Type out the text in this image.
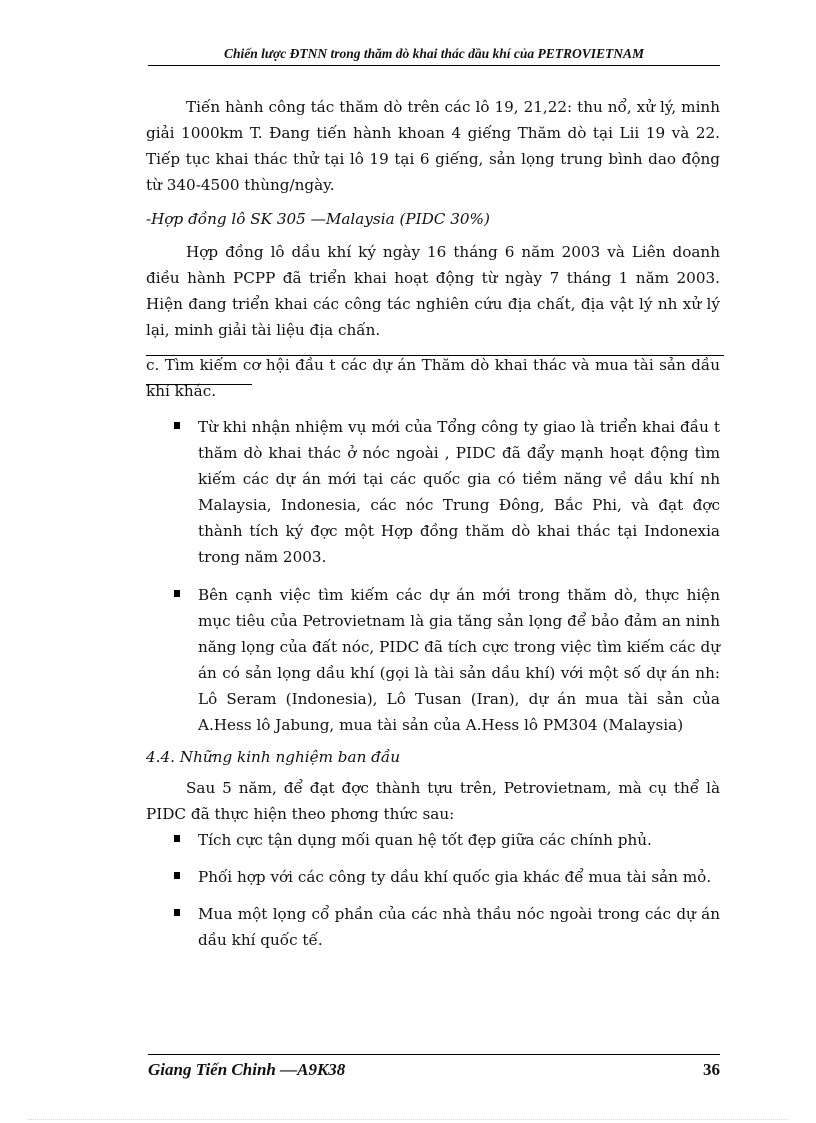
Chiến lược ĐTNN trong thăm dò khai thác dầu khí của PETROVIETNAM

Tiến hành công tác thăm dò trên các lô 19, 21,22: thu nổ, xử lý, minh giải 1000km T. Đang tiến hành khoan 4 giếng Thăm dò tại Lii 19 và 22. Tiếp tục khai thác thử tại lô 19 tại 6 giếng, sản lọng trung bình dao động từ 340-4500 thùng/ngày.

-Hợp đồng lô SK 305 —Malaysia (PIDC 30%)

Hợp đồng lô dầu khí ký ngày 16 tháng 6 năm 2003 và Liên doanh điều hành PCPP đã triển khai hoạt động từ ngày 7 tháng 1 năm 2003. Hiện đang triển khai các công tác nghiên cứu địa chất, địa vật lý nh xử lý lại, minh giải tài liệu địa chấn.

c. Tìm kiếm cơ hội đầu t các dự án Thăm dò khai thác và mua tài sản dầu khí khác.

Từ khi nhận nhiệm vụ mới của Tổng công ty giao là triển khai đầu t thăm dò khai thác ở nóc ngoài , PIDC đã đẩy mạnh hoạt động tìm kiếm các dự án mới tại các quốc gia có tiềm năng về dầu khí nh Malaysia, Indonesia, các nóc Trung Đông, Bắc Phi, và đạt đợc thành tích ký đợc một Hợp đồng thăm dò khai thác tại Indonexia trong năm 2003.
Bên cạnh việc tìm kiếm các dự án mới trong thăm dò, thực hiện mục tiêu của Petrovietnam là gia tăng sản lọng để bảo đảm an ninh năng lọng của đất nóc, PIDC đã tích cực trong việc tìm kiếm các dự án có sản lọng dầu khí (gọi là tài sản dầu khí) với một số dự án nh: Lô Seram (Indonesia), Lô Tusan (Iran), dự án mua tài sản của A.Hess lô Jabung, mua tài sản của A.Hess lô PM304 (Malaysia)

4.4. Những kinh nghiệm ban đầu

Sau 5 năm, để đạt đợc thành tựu trên, Petrovietnam, mà cụ thể là PIDC đã thực hiện theo phơng thức sau:

Tích cực tận dụng mối quan hệ tốt đẹp giữa các chính phủ.
Phối hợp với các công ty dầu khí quốc gia khác để mua tài sản mỏ.
Mua một lọng cổ phần của các nhà thầu nóc ngoài trong các dự án dầu khí quốc tế.
Giang Tiến Chinh —A9K38	36
